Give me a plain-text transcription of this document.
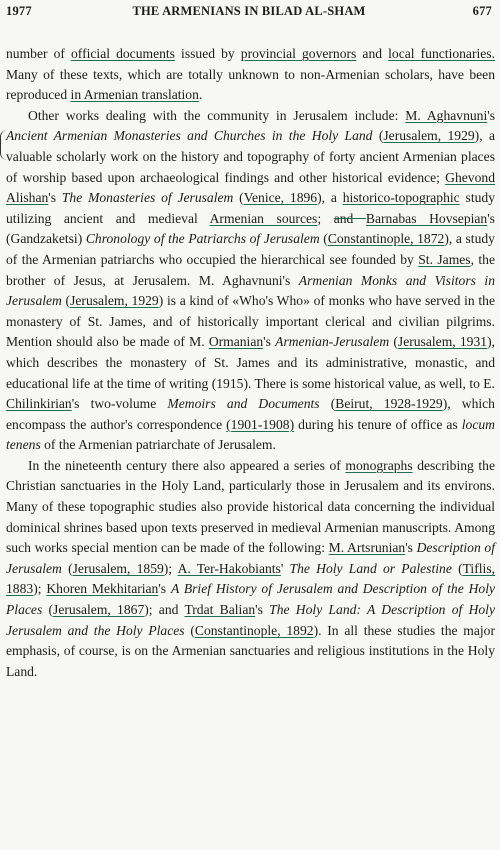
1977	THE ARMENIANS IN BILAD AL-SHAM	677

number of official documents issued by provincial governors and local functionaries. Many of these texts, which are totally unknown to non-Armenian scholars, have been reproduced in Armenian translation.

Other works dealing with the community in Jerusalem include: M. Aghavnuni's Ancient Armenian Monasteries and Churches in the Holy Land (Jerusalem, 1929), a valuable scholarly work on the history and topography of forty ancient Armenian places of worship based upon archaeological findings and other historical evidence; Ghevond Alishan's The Monasteries of Jerusalem (Venice, 1896), a historico-topographic study utilizing ancient and medieval Armenian sources; and Barnabas Hovsepian's (Gandzaketsi) Chronology of the Patriarchs of Jerusalem (Constantinople, 1872), a study of the Armenian patriarchs who occupied the hierarchical see founded by St. James, the brother of Jesus, at Jerusalem. M. Aghavnuni's Armenian Monks and Visitors in Jerusalem (Jerusalem, 1929) is a kind of «Who's Who» of monks who have served in the monastery of St. James, and of historically important clerical and civilian pilgrims. Mention should also be made of M. Ormanian's Armenian-Jerusalem (Jerusalem, 1931), which describes the monastery of St. James and its administrative, monastic, and educational life at the time of writing (1915). There is some historical value, as well, to E. Chilinkirian's two-volume Memoirs and Documents (Beirut, 1928-1929), which encompass the author's correspondence (1901-1908) during his tenure of office as locum tenens of the Armenian patriarchate of Jerusalem.

In the nineteenth century there also appeared a series of monographs describing the Christian sanctuaries in the Holy Land, particularly those in Jerusalem and its environs. Many of these topographic studies also provide historical data concerning the individual dominical shrines based upon texts preserved in medieval Armenian manuscripts. Among such works special mention can be made of the following: M. Artsrunian's Description of Jerusalem (Jerusalem, 1859); A. Ter-Hakobiants' The Holy Land or Palestine (Tiflis, 1883); Khoren Mekhitarian's A Brief History of Jerusalem and Description of the Holy Places (Jerusalem, 1867); and Trdat Balian's The Holy Land: A Description of Holy Jerusalem and the Holy Places (Constantinople, 1892). In all these studies the major emphasis, of course, is on the Armenian sanctuaries and religious institutions in the Holy Land.
